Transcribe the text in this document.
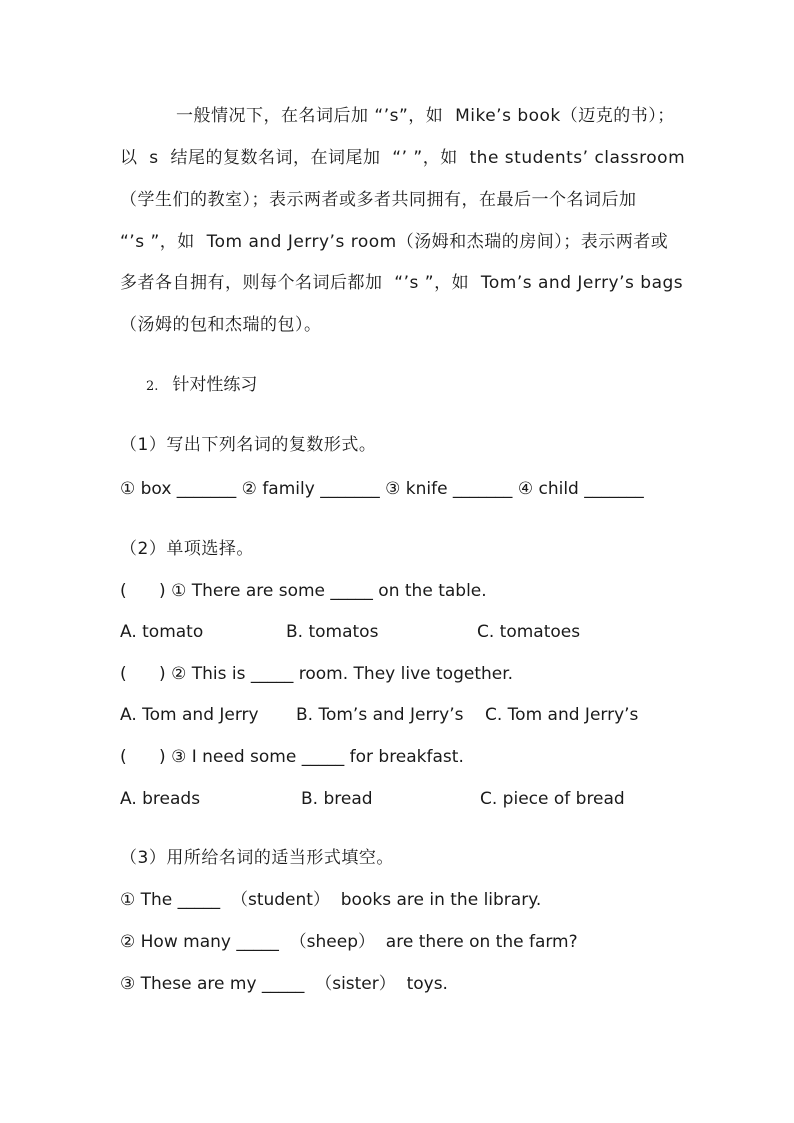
一般情况下，在名词后加 “’s”，如  Mike’s book（迈克的书）；
以  s  结尾的复数名词，在词尾加  “’ ”，如  the students’ classroom
（学生们的教室）；表示两者或多者共同拥有，在最后一个名词后加
“’s ”，如  Tom and Jerry’s room（汤姆和杰瑞的房间）；表示两者或
多者各自拥有，则每个名词后都加  “’s ”，如  Tom’s and Jerry’s bags
（汤姆的包和杰瑞的包）。
2. 针对性练习
（1）写出下列名词的复数形式。
① box _______ ② family _______ ③ knife _______ ④ child _______
（2）单项选择。
(      ) ① There are some _____ on the table.
A. tomato	B. tomatos	C. tomatoes
(      ) ② This is _____ room. They live together.
A. Tom and Jerry B. Tom’s and Jerry’s C. Tom and Jerry’s
(      ) ③ I need some _____ for breakfast.
A. breads	B. bread	C. piece of bread
（3）用所给名词的适当形式填空。
① The _____  （student）  books are in the library.
② How many _____  （sheep）  are there on the farm?
③ These are my _____  （sister）  toys.
